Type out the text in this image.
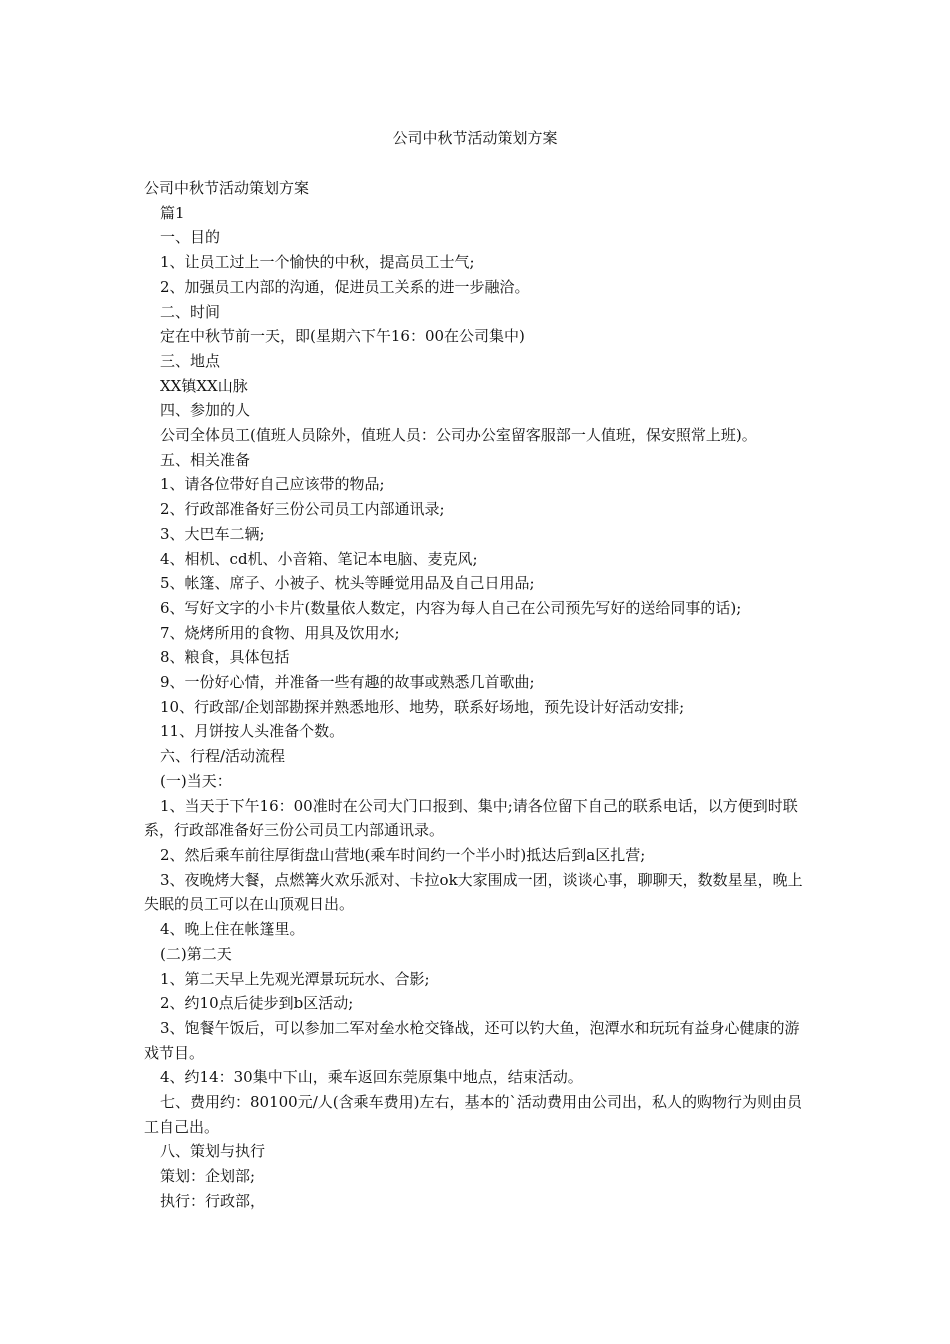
公司中秋节活动策划方案

公司中秋节活动策划方案

篇1

一、目的

1、让员工过上一个愉快的中秋，提高员工士气;

2、加强员工内部的沟通，促进员工关系的进一步融洽。

二、时间

定在中秋节前一天，即(星期六下午16：00在公司集中)

三、地点

XX镇XX山脉

四、参加的人

公司全体员工(值班人员除外，值班人员：公司办公室留客服部一人值班，保安照常上班)。

五、相关准备

1、请各位带好自己应该带的物品;

2、行政部准备好三份公司员工内部通讯录;

3、大巴车二辆;

4、相机、cd机、小音箱、笔记本电脑、麦克风;

5、帐篷、席子、小被子、枕头等睡觉用品及自己日用品;

6、写好文字的小卡片(数量依人数定，内容为每人自己在公司预先写好的送给同事的话);

7、烧烤所用的食物、用具及饮用水;

8、粮食，具体包括

9、一份好心情，并准备一些有趣的故事或熟悉几首歌曲;

10、行政部/企划部勘探并熟悉地形、地势，联系好场地，预先设计好活动安排;

11、月饼按人头准备个数。

六、行程/活动流程

(一)当天：

1、当天于下午16：00准时在公司大门口报到、集中;请各位留下自己的联系电话，以方便到时联系，行政部准备好三份公司员工内部通讯录。

2、然后乘车前往厚街盘山营地(乘车时间约一个半小时)抵达后到a区扎营;

3、夜晚烤大餐，点燃篝火欢乐派对、卡拉ok大家围成一团，谈谈心事，聊聊天，数数星星，晚上失眠的员工可以在山顶观日出。

4、晚上住在帐篷里。

(二)第二天

1、第二天早上先观光潭景玩玩水、合影;

2、约10点后徒步到b区活动;

3、饱餐午饭后，可以参加二军对垒水枪交锋战，还可以钓大鱼，泡潭水和玩玩有益身心健康的游戏节目。

4、约14：30集中下山，乘车返回东莞原集中地点，结束活动。

七、费用约：80100元/人(含乘车费用)左右，基本的`活动费用由公司出，私人的购物行为则由员工自己出。

八、策划与执行

策划：企划部;

执行：行政部，
